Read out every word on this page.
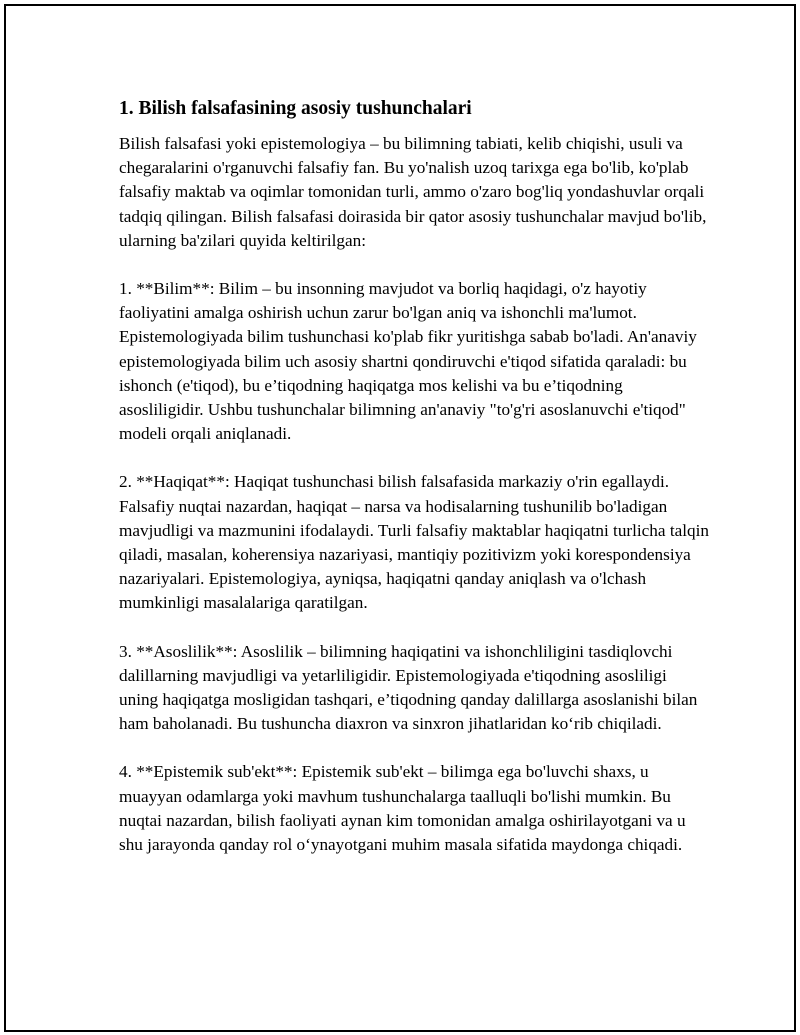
1. Bilish falsafasining asosiy tushunchalari

Bilish falsafasi yoki epistemologiya – bu bilimning tabiati, kelib chiqishi, usuli va chegaralarini o'rganuvchi falsafiy fan. Bu yo'nalish uzoq tarixga ega bo'lib, ko'plab falsafiy maktab va oqimlar tomonidan turli, ammo o'zaro bog'liq yondashuvlar orqali tadqiq qilingan. Bilish falsafasi doirasida bir qator asosiy tushunchalar mavjud bo'lib, ularning ba'zilari quyida keltirilgan:

1. **Bilim**: Bilim – bu insonning mavjudot va borliq haqidagi, o'z hayotiy faoliyatini amalga oshirish uchun zarur bo'lgan aniq va ishonchli ma'lumot. Epistemologiyada bilim tushunchasi ko'plab fikr yuritishga sabab bo'ladi. An'anaviy epistemologiyada bilim uch asosiy shartni qondiruvchi e'tiqod sifatida qaraladi: bu ishonch (e'tiqod), bu e’tiqodning haqiqatga mos kelishi va bu e’tiqodning asosliligidir. Ushbu tushunchalar bilimning an'anaviy "to'g'ri asoslanuvchi e'tiqod" modeli orqali aniqlanadi.

2. **Haqiqat**: Haqiqat tushunchasi bilish falsafasida markaziy o'rin egallaydi. Falsafiy nuqtai nazardan, haqiqat – narsa va hodisalarning tushunilib bo'ladigan mavjudligi va mazmunini ifodalaydi. Turli falsafiy maktablar haqiqatni turlicha talqin qiladi, masalan, koherensiya nazariyasi, mantiqiy pozitivizm yoki korespondensiya nazariyalari. Epistemologiya, ayniqsa, haqiqatni qanday aniqlash va o'lchash mumkinligi masalalariga qaratilgan.

3. **Asoslilik**: Asoslilik – bilimning haqiqatini va ishonchliligini tasdiqlovchi dalillarning mavjudligi va yetarliligidir. Epistemologiyada e'tiqodning asosliligi uning haqiqatga mosligidan tashqari, e’tiqodning qanday dalillarga asoslanishi bilan ham baholanadi. Bu tushuncha diaxron va sinxron jihatlaridan ko‘rib chiqiladi.

4. **Epistemik sub'ekt**: Epistemik sub'ekt – bilimga ega bo'luvchi shaxs, u muayyan odamlarga yoki mavhum tushunchalarga taalluqli bo'lishi mumkin. Bu nuqtai nazardan, bilish faoliyati aynan kim tomonidan amalga oshirilayotgani va u shu jarayonda qanday rol o‘ynayotgani muhim masala sifatida maydonga chiqadi.
